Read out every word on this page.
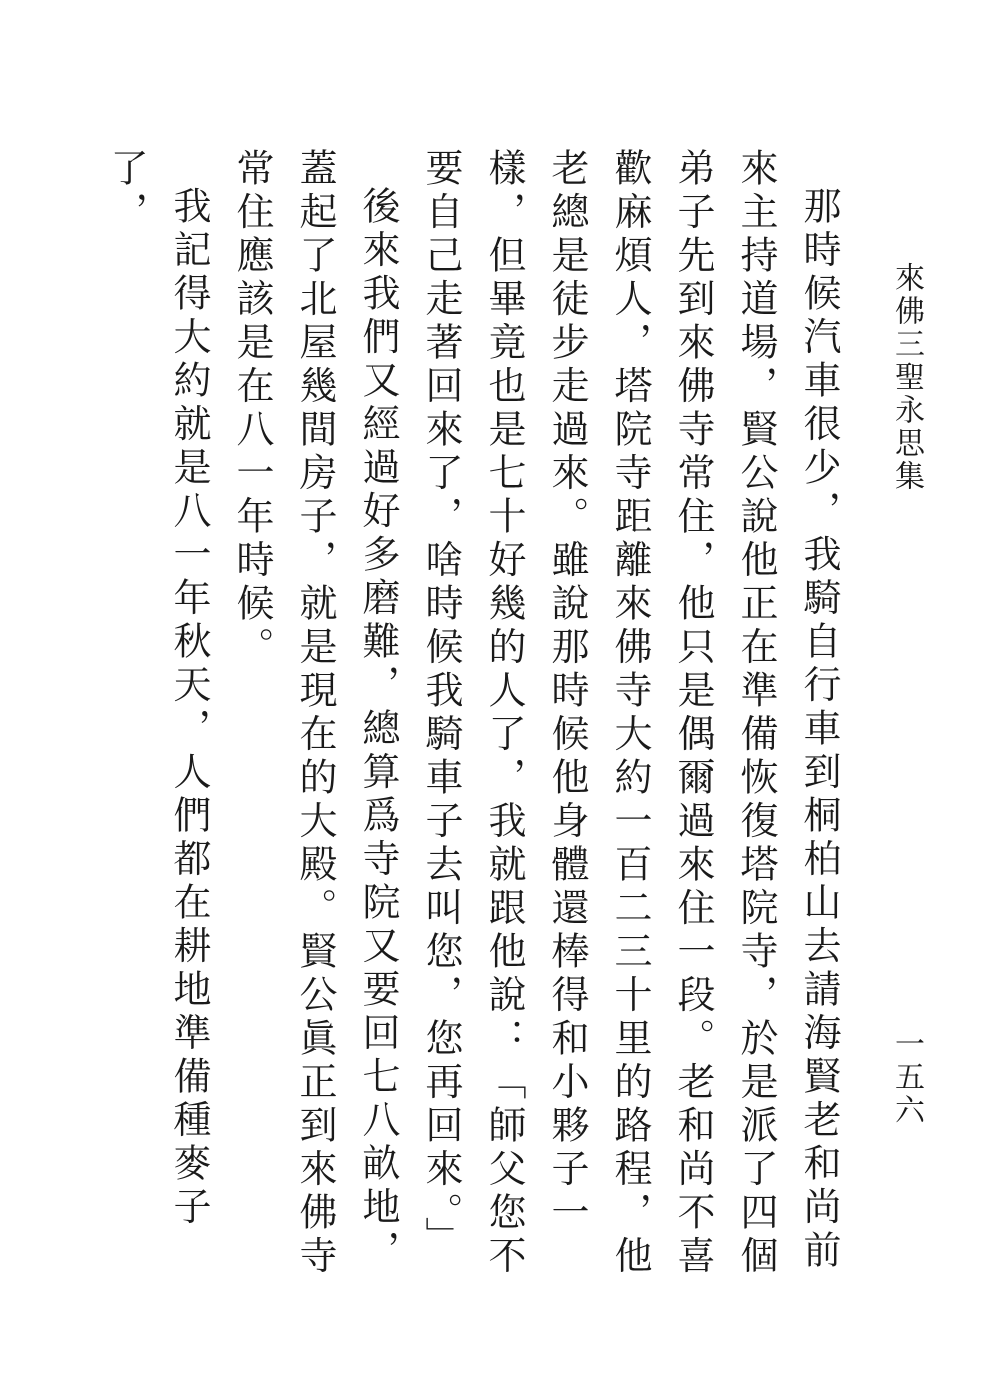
來佛三聖永思集
一五六

那時候汽車很少，我騎自行車到桐柏山去請海賢老和尚前來主持道場，賢公說他正在準備恢復塔院寺，於是派了四個弟子先到來佛寺常住，他只是偶爾過來住一段。老和尚不喜歡麻煩人，塔院寺距離來佛寺大約一百二三十里的路程，他老總是徒步走過來。雖說那時候他身體還棒得和小夥子一樣，但畢竟也是七十好幾的人了，我就跟他說：「師父您不要自己走著回來了，啥時候我騎車子去叫您，您再回來。」

後來我們又經過好多磨難，總算爲寺院又要回七八畝地，蓋起了北屋幾間房子，就是現在的大殿。賢公眞正到來佛寺常住應該是在八一年時候。

我記得大約就是八一年秋天，人們都在耕地準備種麥子了，
